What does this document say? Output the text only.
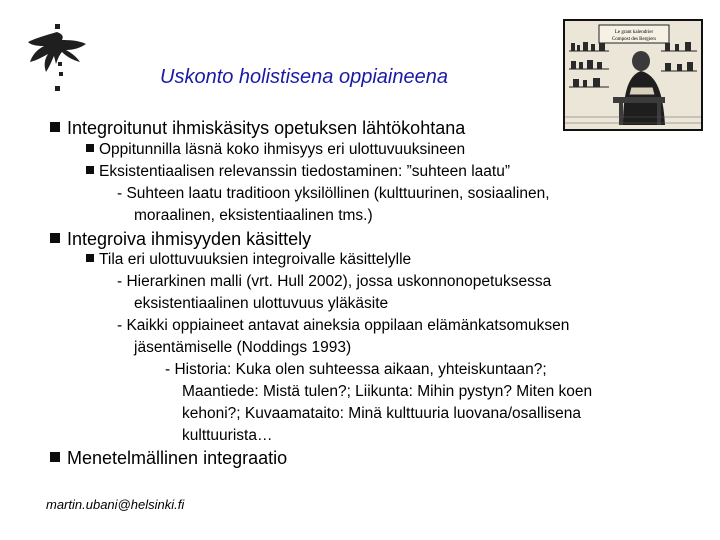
Uskonto holistisena oppiaineena
Le grant kalendrier
Compost des Bergiers
Integroitunut ihmiskäsitys opetuksen lähtökohtana
Oppitunnilla läsnä koko ihmisyys eri ulottuvuuksineen
Eksistentiaalisen relevanssin tiedostaminen: ”suhteen laatu”
- Suhteen laatu traditioon yksilöllinen (kulttuurinen, sosiaalinen,
moraalinen, eksistentiaalinen tms.)
Integroiva ihmisyyden käsittely
Tila eri ulottuvuuksien integroivalle käsittelylle
- Hierarkinen malli (vrt. Hull 2002), jossa uskonnonopetuksessa
eksistentiaalinen ulottuvuus yläkäsite
- Kaikki oppiaineet antavat aineksia oppilaan elämänkatsomuksen
jäsentämiselle (Noddings 1993)
- Historia: Kuka olen suhteessa aikaan, yhteiskuntaan?;
Maantiede: Mistä tulen?; Liikunta: Mihin pystyn? Miten koen
kehoni?; Kuvaamataito: Minä kulttuuria luovana/osallisena
kulttuurista…
Menetelmällinen integraatio
martin.ubani@helsinki.fi
